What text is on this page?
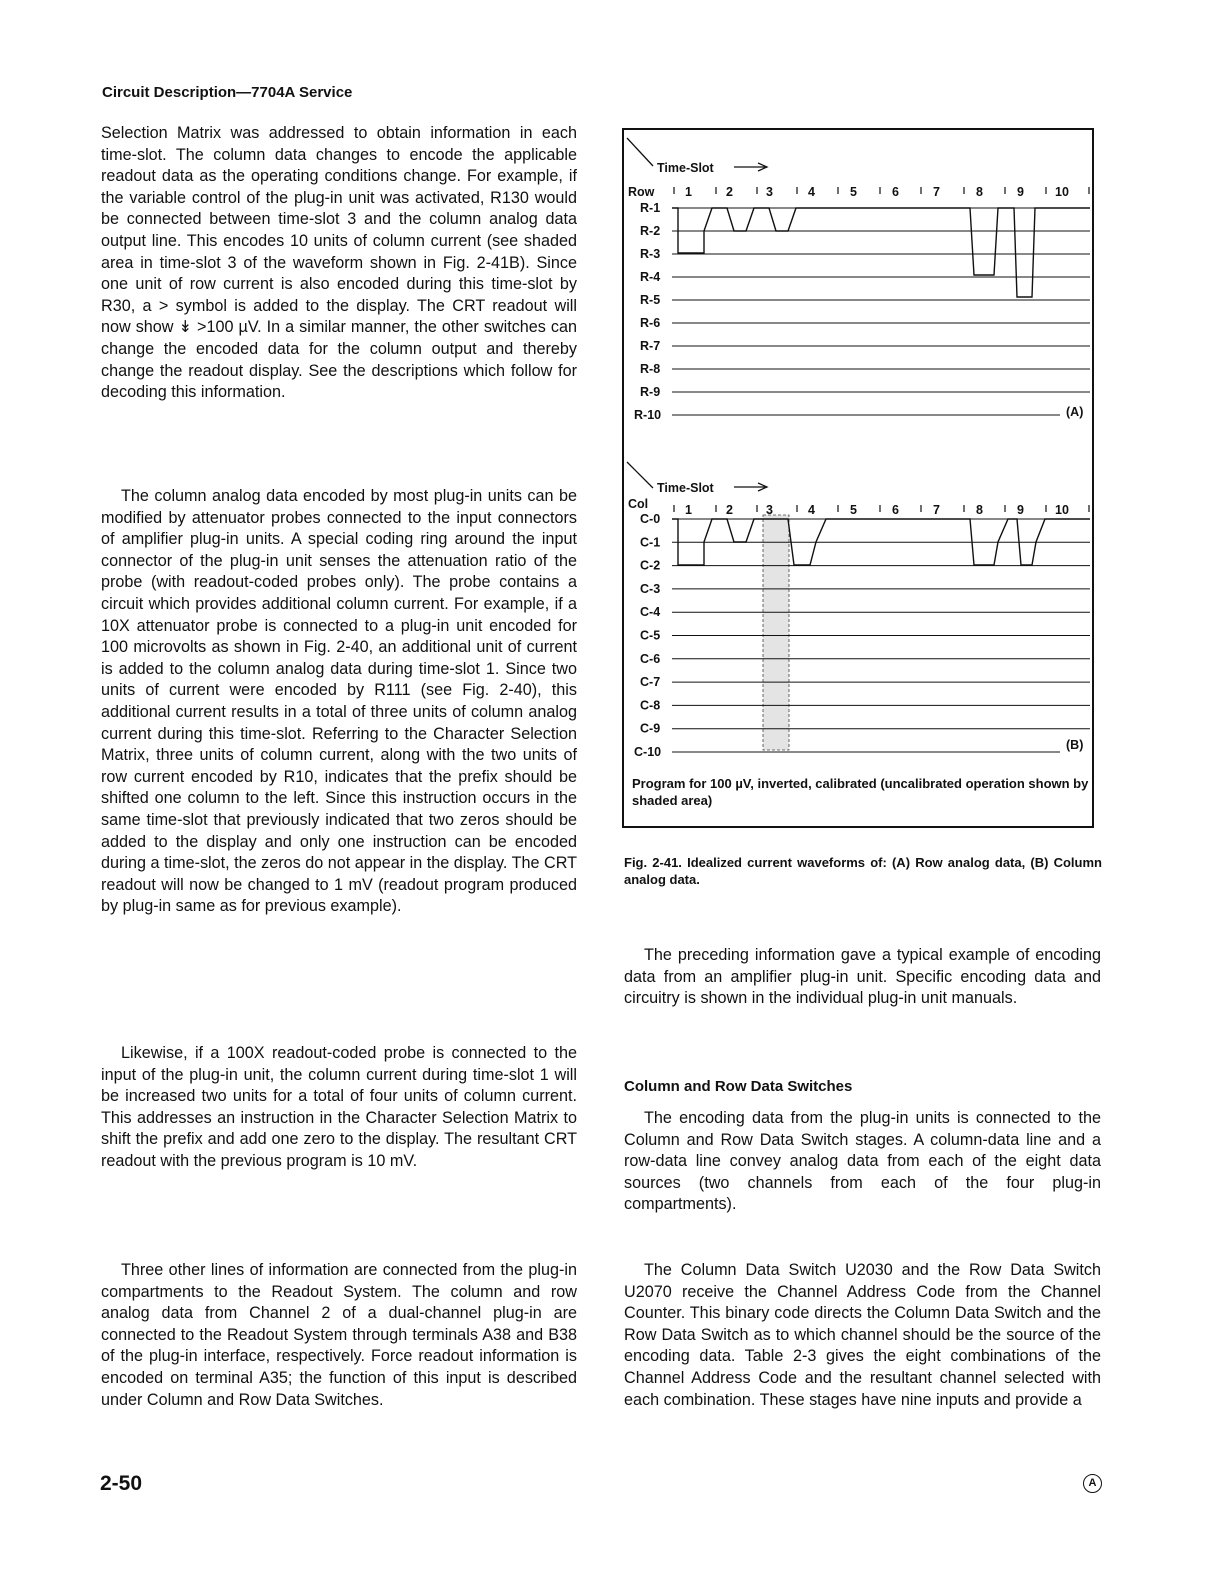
Circuit Description—7704A Service

Selection Matrix was addressed to obtain information in each time-slot. The column data changes to encode the applicable readout data as the operating conditions change. For example, if the variable control of the plug-in unit was activated, R130 would be connected between time-slot 3 and the column analog data output line. This encodes 10 units of column current (see shaded area in time-slot 3 of the waveform shown in Fig. 2-41B). Since one unit of row current is also encoded during this time-slot by R30, a > symbol is added to the display. The CRT readout will now show ↡ >100 µV. In a similar manner, the other switches can change the encoded data for the column output and thereby change the readout display. See the descriptions which follow for decoding this information.

The column analog data encoded by most plug-in units can be modified by attenuator probes connected to the input connectors of amplifier plug-in units. A special coding ring around the input connector of the plug-in unit senses the attenuation ratio of the probe (with readout-coded probes only). The probe contains a circuit which provides additional column current. For example, if a 10X attenuator probe is connected to a plug-in unit encoded for 100 microvolts as shown in Fig. 2-40, an additional unit of current is added to the column analog data during time-slot 1. Since two units of current were encoded by R111 (see Fig. 2-40), this additional current results in a total of three units of column analog current during this time-slot. Referring to the Character Selection Matrix, three units of column current, along with the two units of row current encoded by R10, indicates that the prefix should be shifted one column to the left. Since this instruction occurs in the same time-slot that previously indicated that two zeros should be added to the display and only one instruction can be encoded during a time-slot, the zeros do not appear in the display. The CRT readout will now be changed to 1 mV (readout program produced by plug-in same as for previous example).

Likewise, if a 100X readout-coded probe is connected to the input of the plug-in unit, the column current during time-slot 1 will be increased two units for a total of four units of column current. This addresses an instruction in the Character Selection Matrix to shift the prefix and add one zero to the display. The resultant CRT readout with the previous program is 10 mV.

Three other lines of information are connected from the plug-in compartments to the Readout System. The column and row analog data from Channel 2 of a dual-channel plug-in are connected to the Readout System through terminals A38 and B38 of the plug-in interface, respectively. Force readout information is encoded on terminal A35; the function of this input is described under Column and Row Data Switches.

Time-Slot
Row 1	2	3	4	5	6	7	8	9 10
R-1
R-2
R-3
R-4
R-5
R-6
R-7
R-8
R-9
R-10	(A)
Time-Slot
Col	1	2	3	4	5	6	7	8	9 10
C-0
C-1
C-2
C-3
C-4
C-5
C-6
C-7
C-8
C-9
C-10	(B)
Program for 100 µV, inverted, calibrated (uncalibrated operation shown by shaded area)
Fig. 2-41. Idealized current waveforms of: (A) Row analog data, (B) Column analog data.

The preceding information gave a typical example of encoding data from an amplifier plug-in unit. Specific encoding data and circuitry is shown in the individual plug-in unit manuals.

Column and Row Data Switches

The encoding data from the plug-in units is connected to the Column and Row Data Switch stages. A column-data line and a row-data line convey analog data from each of the eight data sources (two channels from each of the four plug-in compartments).

The Column Data Switch U2030 and the Row Data Switch U2070 receive the Channel Address Code from the Channel Counter. This binary code directs the Column Data Switch and the Row Data Switch as to which channel should be the source of the encoding data. Table 2-3 gives the eight combinations of the Channel Address Code and the resultant channel selected with each combination. These stages have nine inputs and provide a

2-50	A
